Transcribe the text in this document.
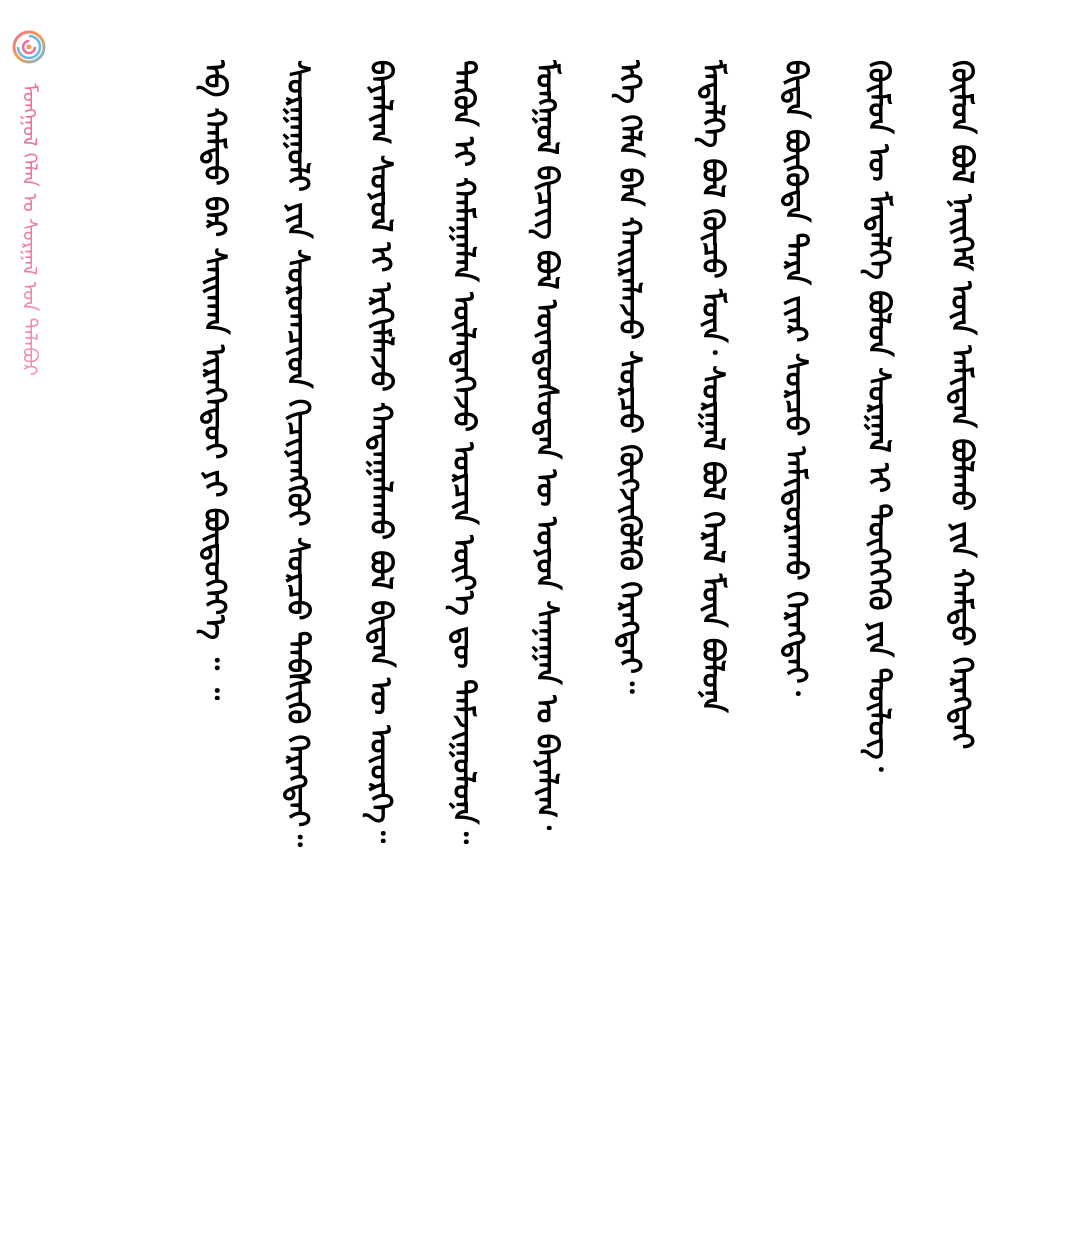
ᠮᠣᠩᠭᠣᠯ ᠬᠡᠯᠡᠨ ᠤ ᠰᠤᠷᠭᠠᠯ ᠤᠨ ᠲᠠᠯᠠᠪᠤᠷ	ᠬᠦᠮᠦᠨ ᠪᠣᠯ ᠨᠡᠢᠭᠡᠮ ᠦᠨ ᠠᠮᠢᠲᠠᠨ ᠪᠣᠯᠬᠤ ᠶᠢᠨ ᠬᠠᠮᠲᠤ ᠬᠡᠷᠡᠭᠲᠡᠢ
ᠬᠦᠮᠦᠨ ᠦ ᠮᠡᠳᠡᠯᠭᠡ ᠪᠣᠯᠤᠨ ᠰᠤᠷᠭᠠᠯ ᠢ ᠲᠦᠭᠡᠭᠡᠬᠦ ᠶᠢᠨ ᠲᠥᠯᠦᠭ᠂
ᠪᠢᠳᠡ ᠪᠦᠭᠦᠳᠡ ᠲᠡᠷᠡ ᠵᠢᠡᠷ ᠰᠤᠷᠴᠤ ᠠᠮᠢᠳᠤᠷᠠᠬᠤ ᠬᠡᠷᠡᠭᠲᠡᠢ᠂
ᠮᠡᠳᠡᠯᠭᠡ ᠪᠣᠯ ᠬᠦᠴᠦ ᠮᠥᠨ᠂ ᠰᠤᠷᠭᠠᠯ ᠪᠣᠯ ᠭᠡᠷᠡᠯ ᠮᠥᠨ ᠪᠣᠯᠤᠨᠠ
ᠡᠬᠡ ᠬᠡᠯᠡ ᠪᠡᠨ ᠬᠠᠢᠷᠠᠯᠠᠵᠤ ᠰᠤᠷᠴᠤ ᠬᠥᠭᠵᠢᠭᠦᠯᠬᠦ ᠬᠡᠷᠡᠭᠲᠡᠢ᠃
ᠮᠣᠩᠭᠣᠯ ᠪᠢᠴᠢᠭ ᠪᠣᠯ ᠦᠨᠳᠦᠰᠦᠲᠡᠨ ᠦ ᠣᠶᠤᠨ ᠰᠠᠨᠠᠭᠠᠨ ᠤ ᠪᠠᠶᠠᠯᠢᠭ᠂
ᠲᠡᠭᠦᠨ ᠢ ᠬᠠᠮᠠᠭᠠᠯᠠᠨ ᠦᠯᠡᠳᠡᠭᠡᠵᠦ ᠣᠷᠴᠢᠨ ᠦᠶ᠎ᠡ ᠳᠦ ᠳᠠᠮᠵᠢᠭᠤᠯᠤᠨᠠ᠃
ᠪᠠᠶᠠᠯᠢᠭ ᠰᠣᠶᠣᠯ ᠢ ᠡᠷᠬᠢᠮᠯᠡᠵᠦ ᠬᠠᠳᠠᠭᠠᠯᠠᠬᠤ ᠪᠣᠯ ᠪᠢᠳᠡᠨ ᠦ ᠦᠦᠷᠭᠡ᠃
ᠰᠤᠷᠭᠠᠭᠤᠯᠢ ᠶᠢᠨ ᠰᠤᠷᠤᠭᠴᠢᠳ ᠬᠢᠴᠢᠶᠡᠩᠭᠦᠢ ᠰᠤᠷᠴᠤ ᠳᠡᠪᠰᠢᠬᠦ ᠬᠡᠷᠡᠭᠲᠡᠢ᠃
ᠡᠪ ᠬᠠᠮᠲᠤ ᠪᠠᠷ ᠰᠠᠢᠬᠠᠨ ᠢᠷᠡᠭᠡᠳᠦᠢ ᠶᠢ ᠪᠦᠲᠦᠭᠡᠶ᠎ᠡ ᠃ ᠃
